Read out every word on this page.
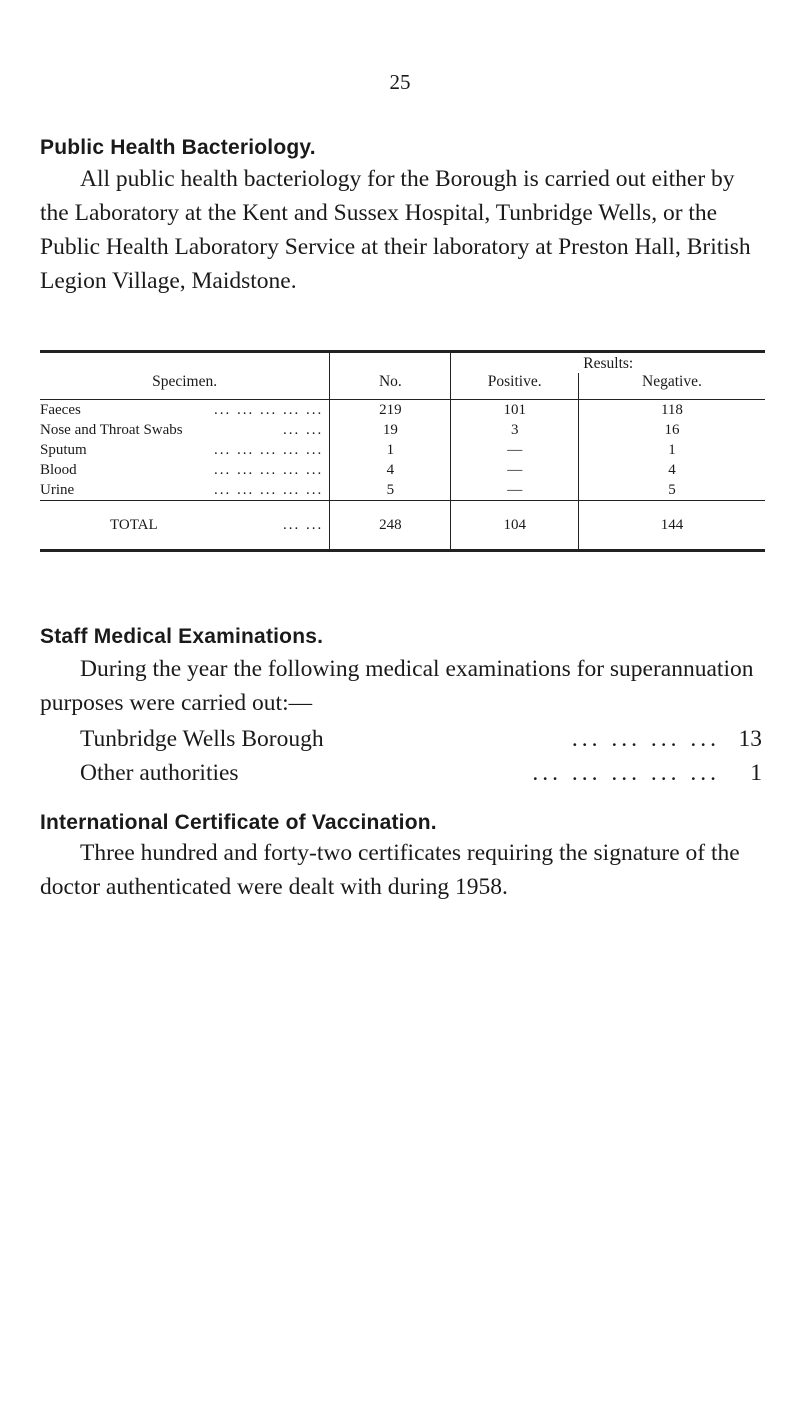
25
Public Health Bacteriology.
All public health bacteriology for the Borough is carried out either by the Laboratory at the Kent and Sussex Hospital, Tunbridge Wells, or the Public Health Laboratory Service at their laboratory at Preston Hall, British Legion Village, Maidstone.
		Results:	
Specimen.	No.	Positive.	Negative.

Faeces ... ... ... ... ...	219	101	118

Nose and Throat Swabs ... ...	19	3	16

Sputum ... ... ... ... ...	1	—	1

Blood ... ... ... ... ...	4	—	4

Urine ... ... ... ... ...	5	—	5

TOTAL ... ...	248	104	144
Staff Medical Examinations.
During the year the following medical examinations for superannuation purposes were carried out:—
Tunbridge Wells Borough	... ... ... ... 13
Other authorities	... ... ... ... ...	1
International Certificate of Vaccination.
Three hundred and forty-two certificates requiring the signature of the doctor authenticated were dealt with during 1958.
